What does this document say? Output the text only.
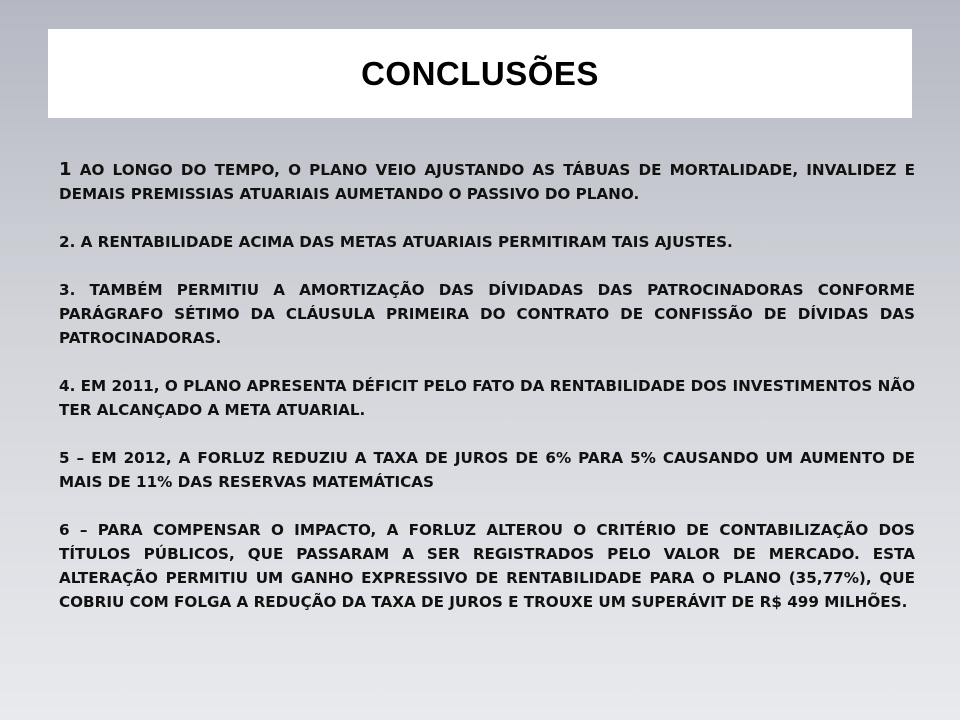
CONCLUSÕES

1 AO LONGO DO TEMPO, O PLANO VEIO AJUSTANDO AS TÁBUAS DE MORTALIDADE, INVALIDEZ E DEMAIS PREMISSIAS ATUARIAIS AUMETANDO O PASSIVO DO PLANO.

2. A RENTABILIDADE ACIMA DAS METAS ATUARIAIS PERMITIRAM TAIS AJUSTES.

3. TAMBÉM PERMITIU A AMORTIZAÇÃO DAS DÍVIDADAS DAS PATROCINADORAS CONFORME PARÁGRAFO SÉTIMO DA CLÁUSULA PRIMEIRA DO CONTRATO DE CONFISSÃO DE DÍVIDAS DAS PATROCINADORAS.

4. EM 2011, O PLANO APRESENTA DÉFICIT PELO FATO DA RENTABILIDADE DOS INVESTIMENTOS NÃO TER ALCANÇADO A META ATUARIAL.

5 – EM 2012, A FORLUZ REDUZIU A TAXA DE JUROS DE 6% PARA 5% CAUSANDO UM AUMENTO DE MAIS DE 11% DAS RESERVAS MATEMÁTICAS

6 – PARA COMPENSAR O IMPACTO, A FORLUZ ALTEROU O CRITÉRIO DE CONTABILIZAÇÃO DOS TÍTULOS PÚBLICOS, QUE PASSARAM A SER REGISTRADOS PELO VALOR DE MERCADO. ESTA ALTERAÇÃO PERMITIU UM GANHO EXPRESSIVO DE RENTABILIDADE PARA O PLANO (35,77%), QUE COBRIU COM FOLGA A REDUÇÃO DA TAXA DE JUROS E TROUXE UM SUPERÁVIT DE R$ 499 MILHÕES.
